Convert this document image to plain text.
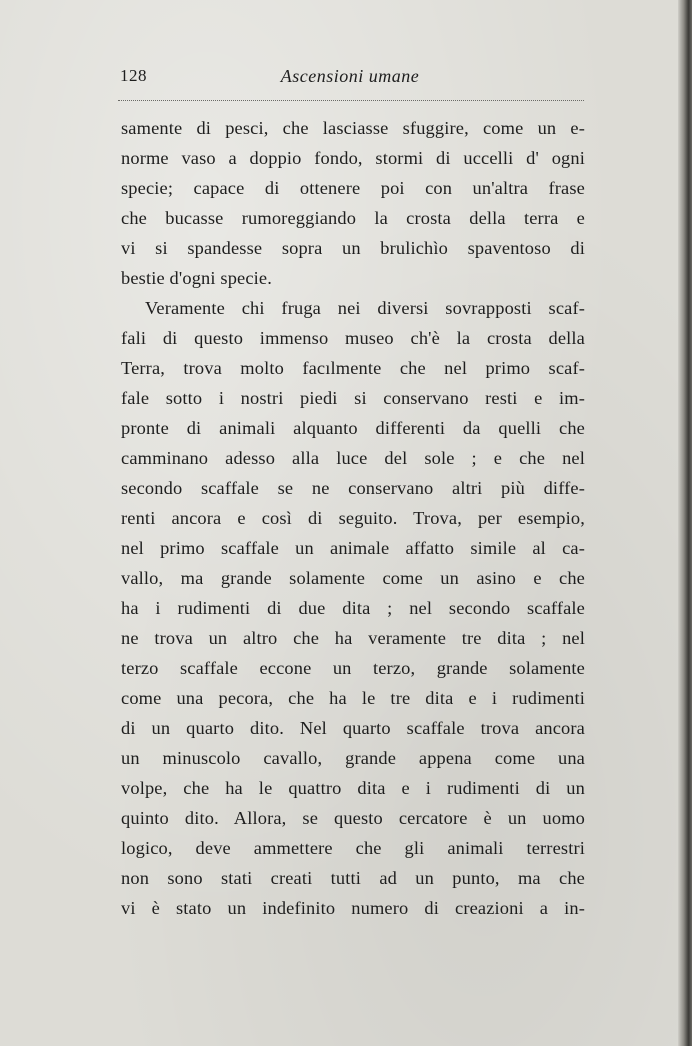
128	Ascensioni umane
samente di pesci, che lasciasse sfuggire, come un e-
norme vaso a doppio fondo, stormi di uccelli d' ogni
specie; capace di ottenere poi con un'altra frase
che bucasse rumoreggiando la crosta della terra e
vi si spandesse sopra un brulichìo spaventoso di
bestie d'ogni specie.
Veramente chi fruga nei diversi sovrapposti scaf-
fali di questo immenso museo ch'è la crosta della
Terra, trova molto facılmente che nel primo scaf-
fale sotto i nostri piedi si conservano resti e im-
pronte di animali alquanto differenti da quelli che
camminano adesso alla luce del sole ; e che nel
secondo scaffale se ne conservano altri più diffe-
renti ancora e così di seguito. Trova, per esempio,
nel primo scaffale un animale affatto simile al ca-
vallo, ma grande solamente come un asino e che
ha i rudimenti di due dita ; nel secondo scaffale
ne trova un altro che ha veramente tre dita ; nel
terzo scaffale eccone un terzo, grande solamente
come una pecora, che ha le tre dita e i rudimenti
di un quarto dito. Nel quarto scaffale trova ancora
un minuscolo cavallo, grande appena come una
volpe, che ha le quattro dita e i rudimenti di un
quinto dito. Allora, se questo cercatore è un uomo
logico, deve ammettere che gli animali terrestri
non sono stati creati tutti ad un punto, ma che
vi è stato un indefinito numero di creazioni a in-
